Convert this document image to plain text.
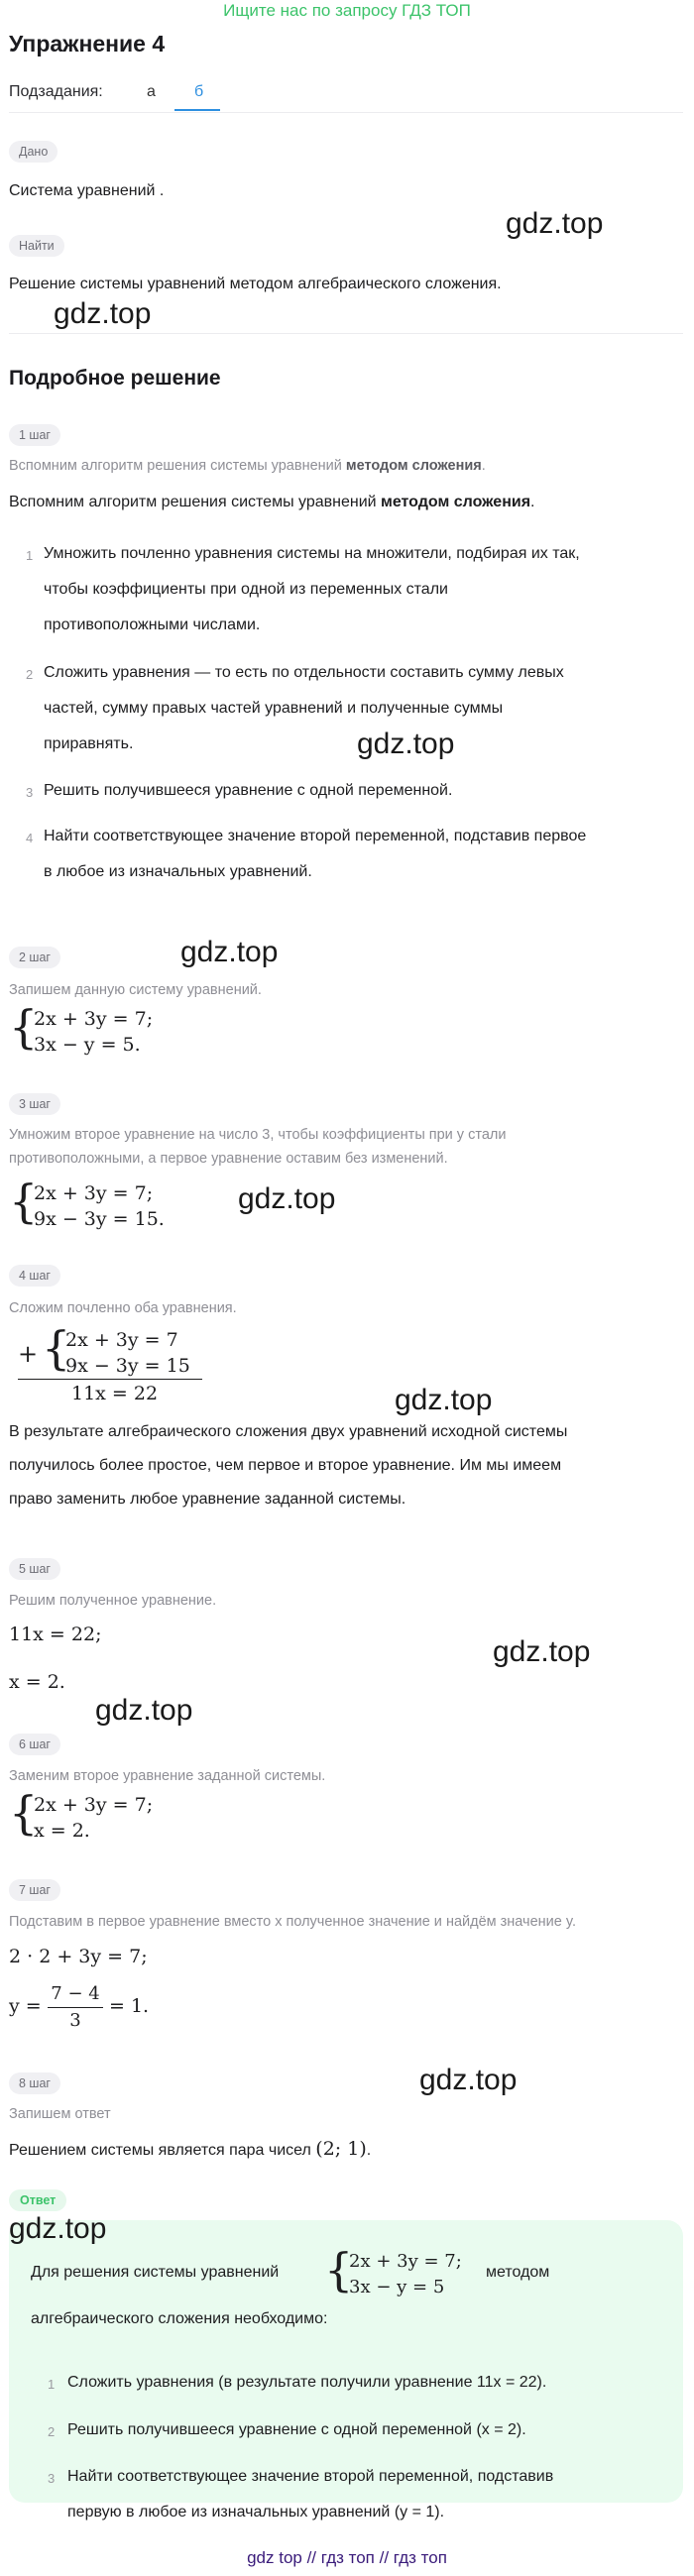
Ищите нас по запросу ГДЗ ТОП
Упражнение 4
Подзадания:	а б
Дано
Система уравнений .
gdz.top
Найти
Решение системы уравнений методом алгебраического сложения.
gdz.top
Подробное решение
1 шаг
Вспомним алгоритм решения системы уравнений методом сложения.
Вспомним алгоритм решения системы уравнений методом сложения.
1 Умножить почленно уравнения системы на множители, подбирая их так,
чтобы коэффициенты при одной из переменных стали
противоположными числами.
2 Сложить уравнения — то есть по отдельности составить сумму левых
частей, сумму правых частей уравнений и полученные суммы
приравнять.	gdz.top
3 Решить получившееся уравнение с одной переменной.
4 Найти соответствующее значение второй переменной, подставив первое
в любое из изначальных уравнений.
gdz.top
2 шаг
Запишем данную систему уравнений.
{
2x + 3y = 7;
3x − y = 5.
3 шаг
Умножим второе уравнение на число 3, чтобы коэффициенты при y стали
противоположными, а первое уравнение оставим без изменений.
gdz.top
{
2x + 3y = 7;
9x − 3y = 15.
4 шаг
Сложим почленно оба уравнения.
+ {
2x + 3y = 7
9x − 3y = 15
11x = 22	gdz.top
В результате алгебраического сложения двух уравнений исходной системы
получилось более простое, чем первое и второе уравнение. Им мы имеем
право заменить любое уравнение заданной системы.
5 шаг
Решим полученное уравнение.
11x = 22;
gdz.top
x = 2.
gdz.top
6 шаг
Заменим второе уравнение заданной системы.
{
2x + 3y = 7;
x = 2.
7 шаг
Подставим в первое уравнение вместо x полученное значение и найдём значение y.
2 · 2 + 3y = 7;
y =
7 − 4
3
= 1.
gdz.top
8 шаг
Запишем ответ
Решением системы является пара чисел (2; 1).
Ответ
gdz.top
Для решения системы уравнений {
2x + 3y = 7;
3x − y = 5
методом
алгебраического сложения необходимо:
1 Сложить уравнения (в результате получили уравнение 11x = 22).
2 Решить получившееся уравнение с одной переменной (x = 2).
3 Найти соответствующее значение второй переменной, подставив
первую в любое из изначальных уравнений (y = 1).
gdz top // гдз топ // гдз топ
